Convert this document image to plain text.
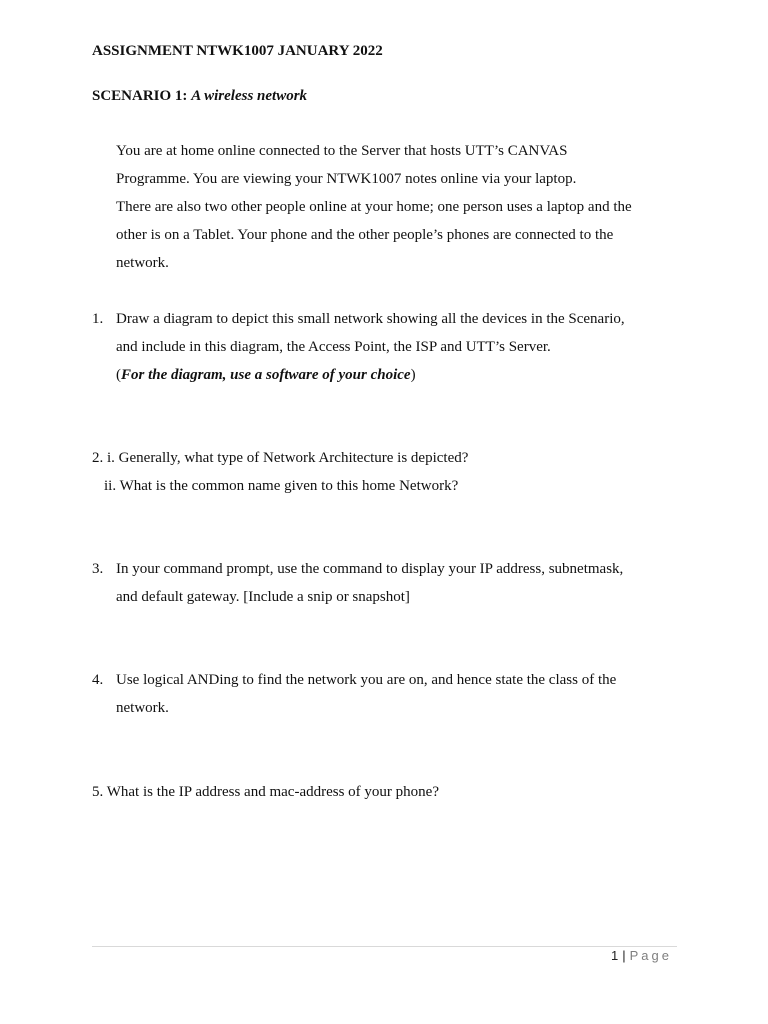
ASSIGNMENT NTWK1007 JANUARY 2022
SCENARIO 1: A wireless network
You are at home online connected to the Server that hosts UTT’s CANVAS
Programme. You are viewing your NTWK1007 notes online via your laptop.
There are also two other people online at your home; one person uses a laptop and the
other is on a Tablet. Your phone and the other people’s phones are connected to the
network.
1. Draw a diagram to depict this small network showing all the devices in the Scenario,
and include in this diagram, the Access Point, the ISP and UTT’s Server.
(For the diagram, use a software of your choice)
2. i. Generally, what type of Network Architecture is depicted?
ii. What is the common name given to this home Network?
3. In your command prompt, use the command to display your IP address, subnetmask,
and default gateway. [Include a snip or snapshot]
4. Use logical ANDing to find the network you are on, and hence state the class of the
network.
5. What is the IP address and mac-address of your phone?
1 | Page
